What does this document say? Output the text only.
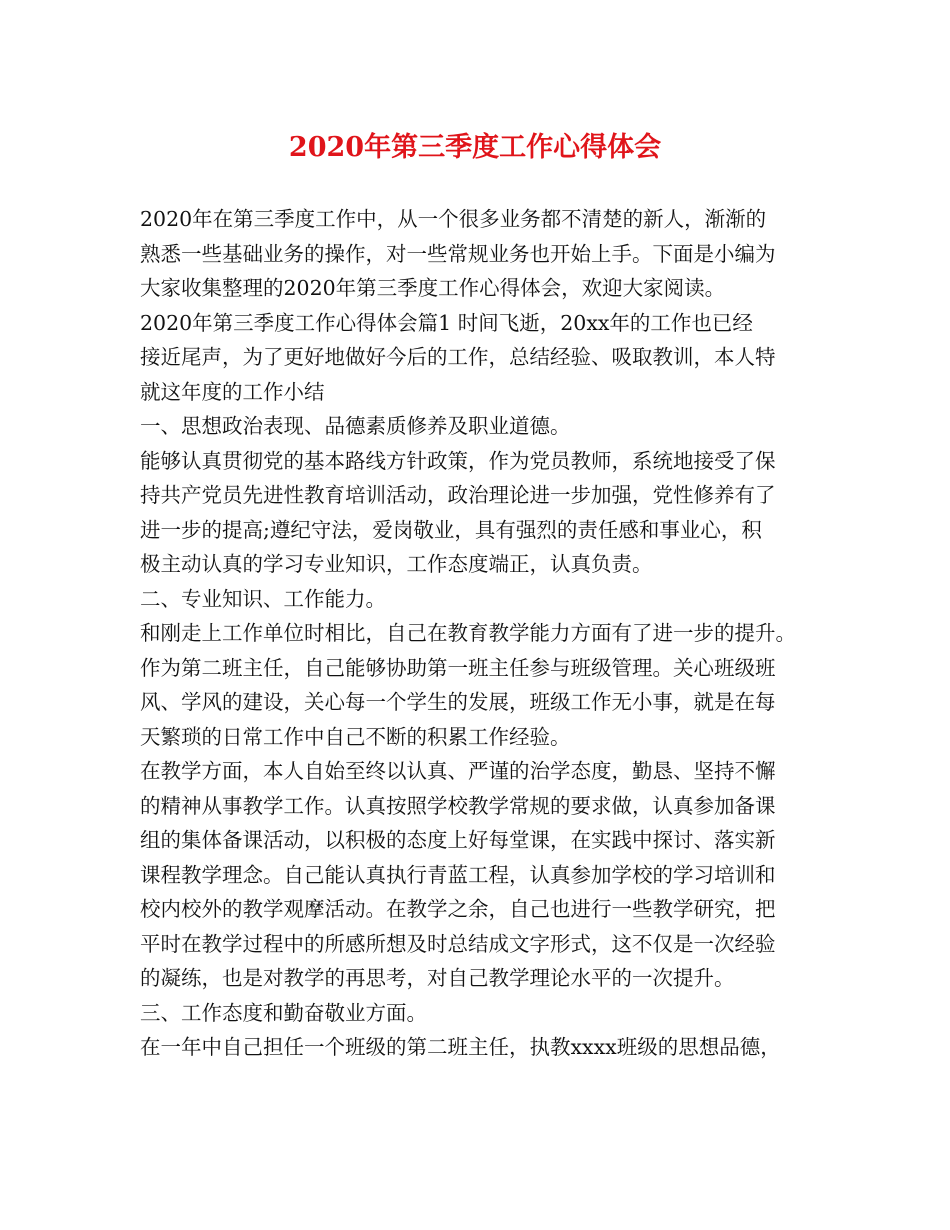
2020年第三季度工作心得体会
2020年在第三季度工作中，从一个很多业务都不清楚的新人，渐渐的
熟悉一些基础业务的操作，对一些常规业务也开始上手。下面是小编为
大家收集整理的2020年第三季度工作心得体会，欢迎大家阅读。
2020年第三季度工作心得体会篇1 时间飞逝，20xx年的工作也已经
接近尾声，为了更好地做好今后的工作，总结经验、吸取教训，本人特
就这年度的工作小结
一、思想政治表现、品德素质修养及职业道德。
能够认真贯彻党的基本路线方针政策，作为党员教师，系统地接受了保
持共产党员先进性教育培训活动，政治理论进一步加强，党性修养有了
进一步的提高;遵纪守法，爱岗敬业，具有强烈的责任感和事业心，积
极主动认真的学习专业知识，工作态度端正，认真负责。
二、专业知识、工作能力。
和刚走上工作单位时相比，自己在教育教学能力方面有了进一步的提升。
作为第二班主任，自己能够协助第一班主任参与班级管理。关心班级班
风、学风的建设，关心每一个学生的发展，班级工作无小事，就是在每
天繁琐的日常工作中自己不断的积累工作经验。
在教学方面，本人自始至终以认真、严谨的治学态度，勤恳、坚持不懈
的精神从事教学工作。认真按照学校教学常规的要求做，认真参加备课
组的集体备课活动，以积极的态度上好每堂课，在实践中探讨、落实新
课程教学理念。自己能认真执行青蓝工程，认真参加学校的学习培训和
校内校外的教学观摩活动。在教学之余，自己也进行一些教学研究，把
平时在教学过程中的所感所想及时总结成文字形式，这不仅是一次经验
的凝练，也是对教学的再思考，对自己教学理论水平的一次提升。
三、工作态度和勤奋敬业方面。
在一年中自己担任一个班级的第二班主任，执教xxxx班级的思想品德，
